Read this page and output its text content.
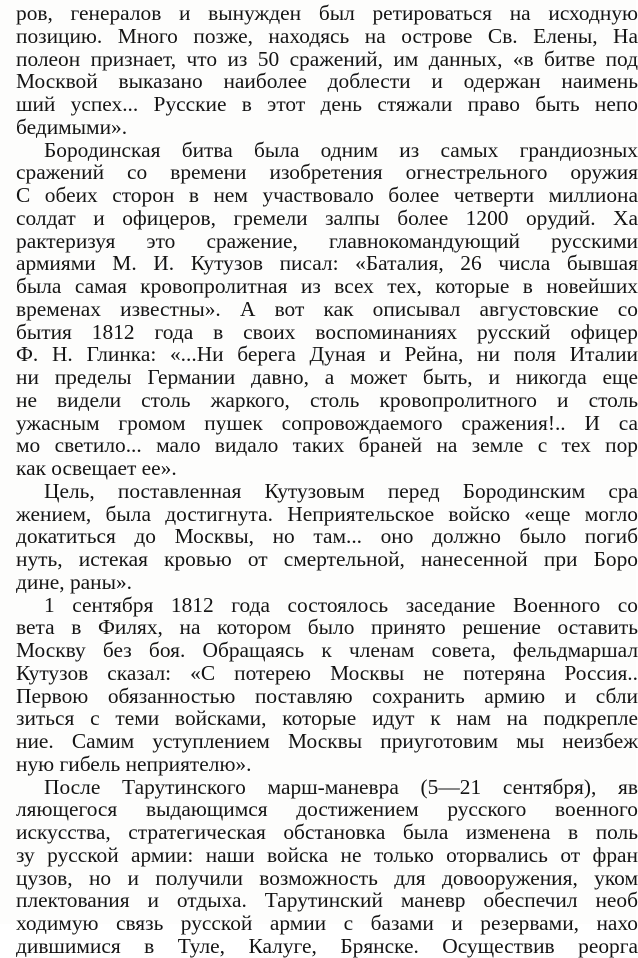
ров, генералов и вынужден был ретироваться на исходную
позицию. Много позже, находясь на острове Св. Елены, На
полеон признает, что из 50 сражений, им данных, «в битве под
Москвой выказано наиболее доблести и одержан наимень
ший успех... Русские в этот день стяжали право быть непо
бедимыми».
Бородинская битва была одним из самых грандиозных
сражений со времени изобретения огнестрельного оружия
С обеих сторон в нем участвовало более четверти миллиона
солдат и офицеров, гремели залпы более 1200 орудий. Ха
рактеризуя это сражение, главнокомандующий русскими
армиями М. И. Кутузов писал: «Баталия, 26 числа бывшая
была самая кровопролитная из всех тех, которые в новейших
временах известны». А вот как описывал августовские со
бытия 1812 года в своих воспоминаниях русский офицер
Ф. Н. Глинка: «...Ни берега Дуная и Рейна, ни поля Италии
ни пределы Германии давно, а может быть, и никогда еще
не видели столь жаркого, столь кровопролитного и столь
ужасным громом пушек сопровождаемого сражения!.. И са
мо светило... мало видало таких браней на земле с тех пор
как освещает ее».
Цель, поставленная Кутузовым перед Бородинским сра
жением, была достигнута. Неприятельское войско «еще могло
докатиться до Москвы, но там... оно должно было погиб
нуть, истекая кровью от смертельной, нанесенной при Боро
дине, раны».
1 сентября 1812 года состоялось заседание Военного со
вета в Филях, на котором было принято решение оставить
Москву без боя. Обращаясь к членам совета, фельдмаршал
Кутузов сказал: «С потерею Москвы не потеряна Россия..
Первою обязанностью поставляю сохранить армию и сбли
зиться с теми войсками, которые идут к нам на подкрепле
ние. Самим уступлением Москвы приуготовим мы неизбеж
ную гибель неприятелю».
После Тарутинского марш-маневра (5—21 сентября), яв
ляющегося выдающимся достижением русского военного
искусства, стратегическая обстановка была изменена в поль
зу русской армии: наши войска не только оторвались от фран
цузов, но и получили возможность для довооружения, уком
плектования и отдыха. Тарутинский маневр обеспечил необ
ходимую связь русской армии с базами и резервами, нахо
дившимися в Туле, Калуге, Брянске. Осуществив реорга
